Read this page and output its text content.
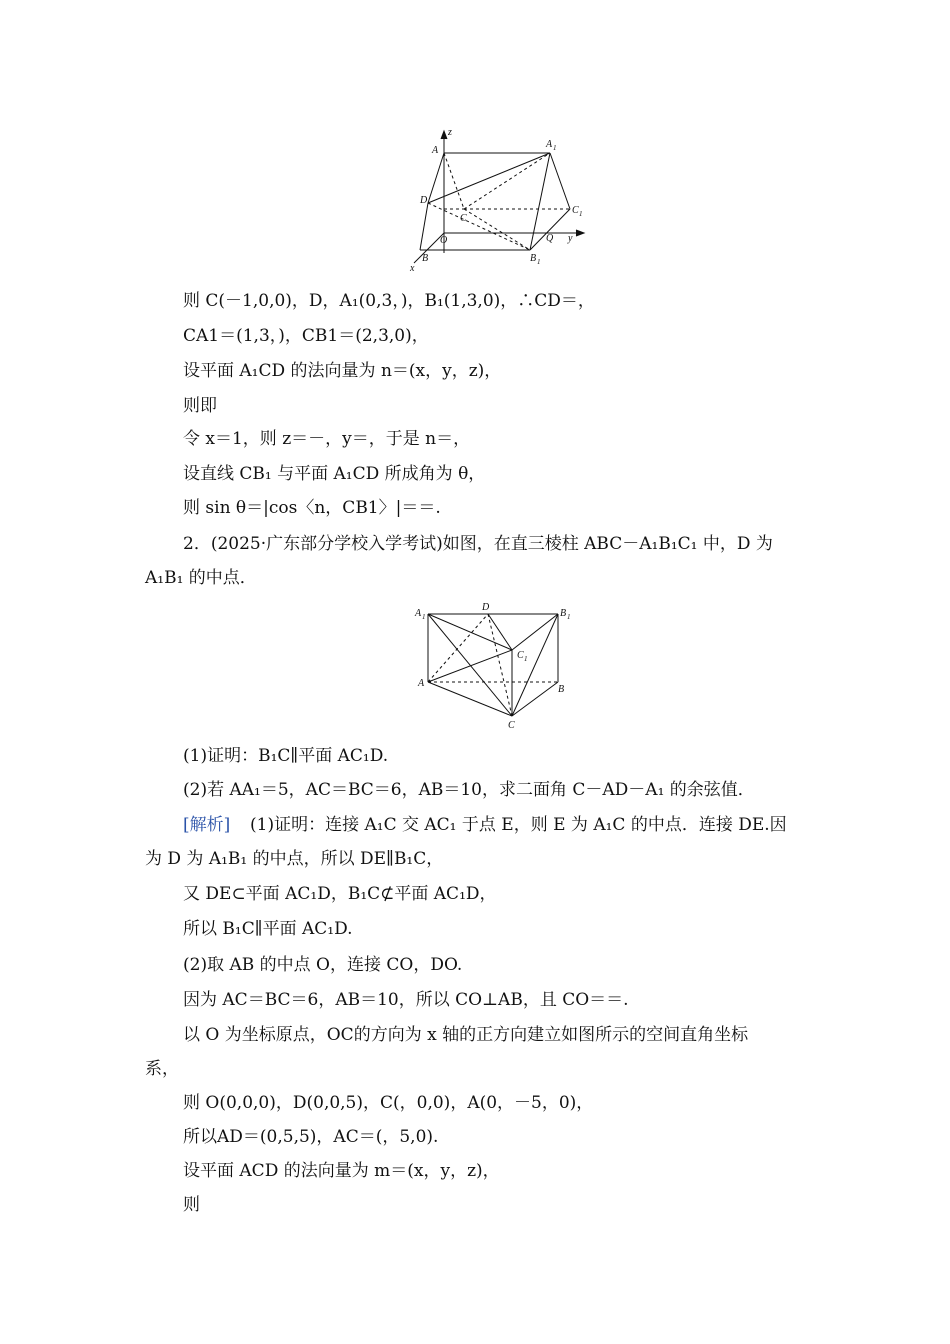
z
A
A 1
D
C
C 1
O	Q y
B	B 1
x
A 1
D
B 1
C 1
A
B
C
则 C(－1,0,0)，D，A₁(0,3，)，B₁(1,3,0)，∴CD＝，
CA1＝(1,3，)，CB1＝(2,3,0)，
设平面 A₁CD 的法向量为 n＝(x，y，z)，
则即
令 x＝1，则 z＝－，y＝，于是 n＝，
设直线 CB₁ 与平面 A₁CD 所成角为 θ，
则 sin θ＝|cos〈n，CB1〉|＝＝.
2．(2025·广东部分学校入学考试)如图，在直三棱柱 ABC－A₁B₁C₁ 中，D 为
A₁B₁ 的中点．
(1)证明：B₁C∥平面 AC₁D.
(2)若 AA₁＝5，AC＝BC＝6，AB＝10，求二面角 C－AD－A₁ 的余弦值．
[解析] (1)证明：连接 A₁C 交 AC₁ 于点 E，则 E 为 A₁C 的中点．连接 DE.因
为 D 为 A₁B₁ 的中点，所以 DE∥B₁C，
又 DE⊂平面 AC₁D，B₁C⊄平面 AC₁D，
所以 B₁C∥平面 AC₁D.
(2)取 AB 的中点 O，连接 CO，DO.
因为 AC＝BC＝6，AB＝10，所以 CO⊥AB，且 CO＝＝.
以 O 为坐标原点，OC的方向为 x 轴的正方向建立如图所示的空间直角坐标
系，
则 O(0,0,0)，D(0,0,5)，C(，0,0)，A(0，－5，0)，
所以AD＝(0,5,5)，AC＝(，5,0).
设平面 ACD 的法向量为 m＝(x，y，z)，
则
